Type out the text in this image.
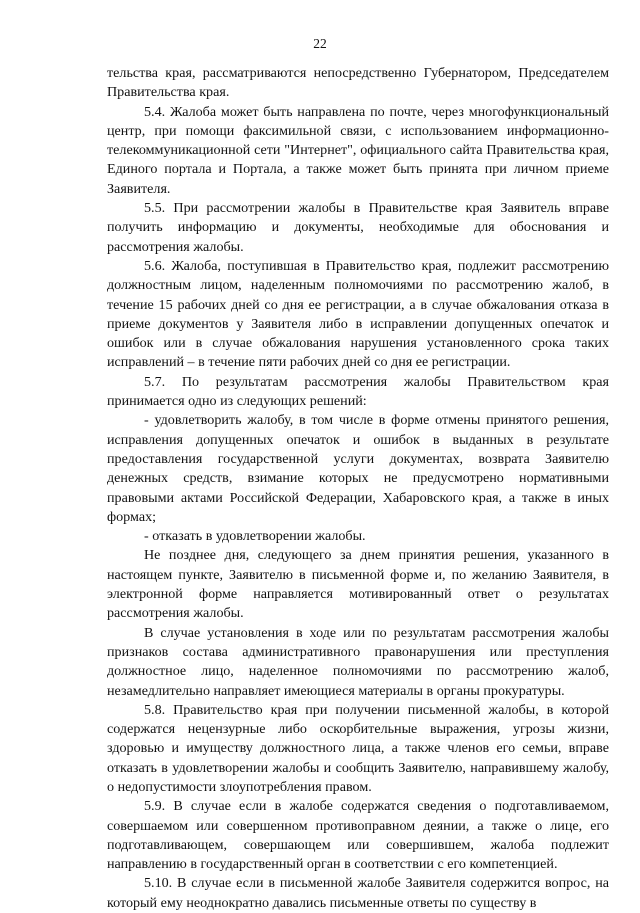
22

тельства края, рассматриваются непосредственно Губернатором, Председателем Правительства края.

5.4. Жалоба может быть направлена по почте, через многофункциональный центр, при помощи факсимильной связи, с использованием информационно-телекоммуникационной сети "Интернет", официального сайта Правительства края, Единого портала и Портала, а также может быть принята при личном приеме Заявителя.

5.5. При рассмотрении жалобы в Правительстве края Заявитель вправе получить информацию и документы, необходимые для обоснования и рассмотрения жалобы.

5.6. Жалоба, поступившая в Правительство края, подлежит рассмотрению должностным лицом, наделенным полномочиями по рассмотрению жалоб, в течение 15 рабочих дней со дня ее регистрации, а в случае обжалования отказа в приеме документов у Заявителя либо в исправлении допущенных опечаток и ошибок или в случае обжалования нарушения установленного срока таких исправлений – в течение пяти рабочих дней со дня ее регистрации.

5.7. По результатам рассмотрения жалобы Правительством края принимается одно из следующих решений:

- удовлетворить жалобу, в том числе в форме отмены принятого решения, исправления допущенных опечаток и ошибок в выданных в результате предоставления государственной услуги документах, возврата Заявителю денежных средств, взимание которых не предусмотрено нормативными правовыми актами Российской Федерации, Хабаровского края, а также в иных формах;

- отказать в удовлетворении жалобы.

Не позднее дня, следующего за днем принятия решения, указанного в настоящем пункте, Заявителю в письменной форме и, по желанию Заявителя, в электронной форме направляется мотивированный ответ о результатах рассмотрения жалобы.

В случае установления в ходе или по результатам рассмотрения жалобы признаков состава административного правонарушения или преступления должностное лицо, наделенное полномочиями по рассмотрению жалоб, незамедлительно направляет имеющиеся материалы в органы прокуратуры.

5.8. Правительство края при получении письменной жалобы, в которой содержатся нецензурные либо оскорбительные выражения, угрозы жизни, здоровью и имуществу должностного лица, а также членов его семьи, вправе отказать в удовлетворении жалобы и сообщить Заявителю, направившему жалобу, о недопустимости злоупотребления правом.

5.9. В случае если в жалобе содержатся сведения о подготавливаемом, совершаемом или совершенном противоправном деянии, а также о лице, его подготавливающем, совершающем или совершившем, жалоба подлежит направлению в государственный орган в соответствии с его компетенцией.

5.10. В случае если в письменной жалобе Заявителя содержится вопрос, на который ему неоднократно давались письменные ответы по существу в
